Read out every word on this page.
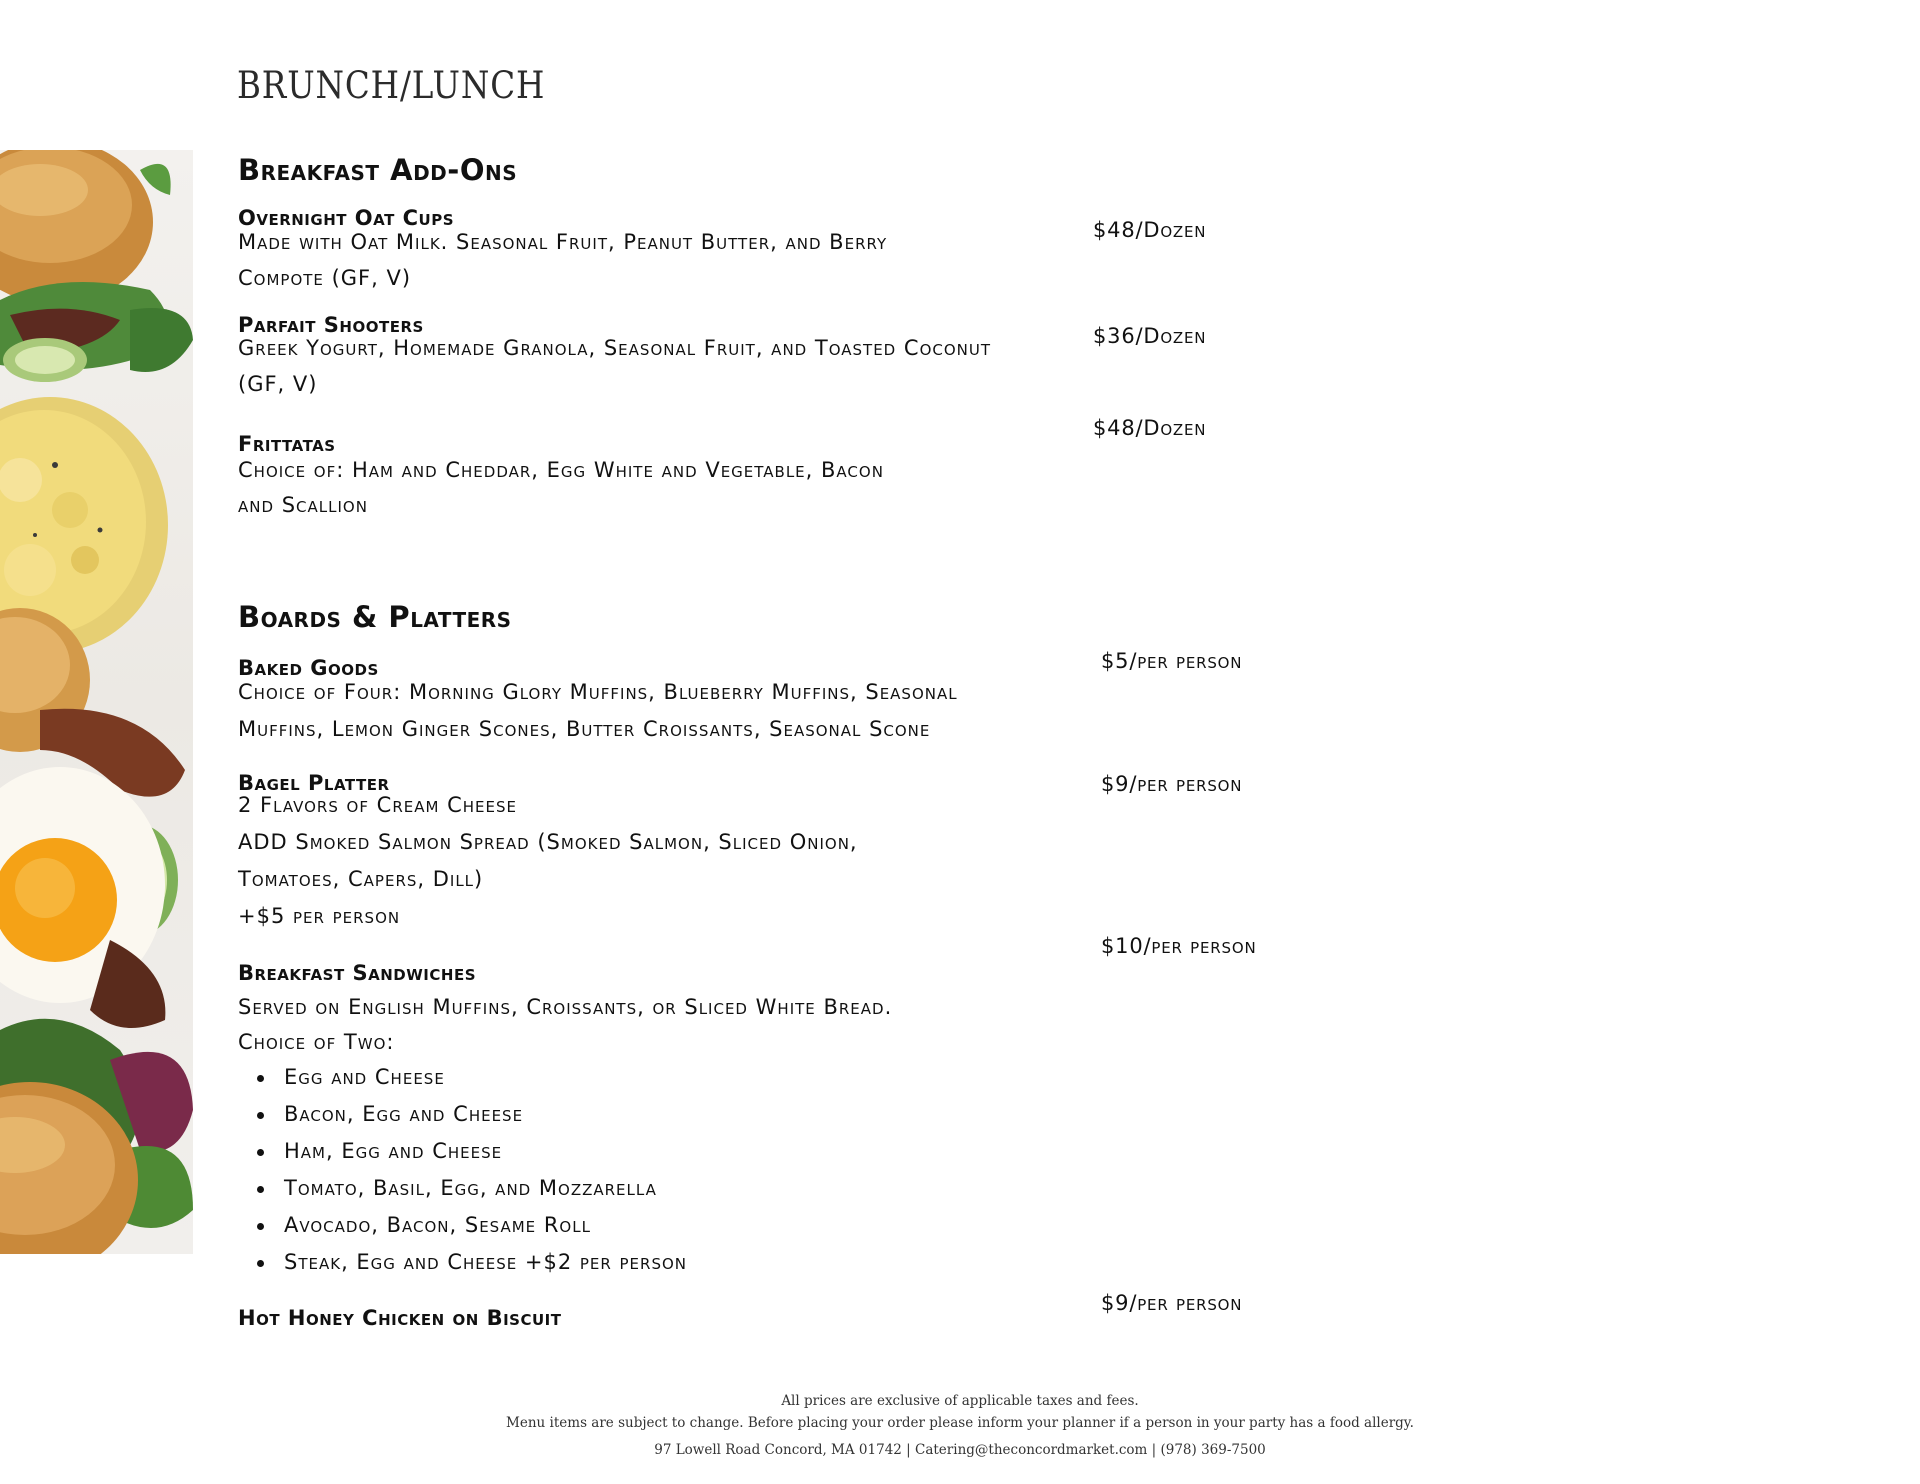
BRUNCH/LUNCH
Breakfast Add-Ons

Overnight Oat Cups

Made with Oat Milk. Seasonal Fruit, Peanut Butter, and Berry

Compote (GF, V)

$48/Dozen

Parfait Shooters

Greek Yogurt, Homemade Granola, Seasonal Fruit, and Toasted Coconut

(GF, V)

$36/Dozen

Frittatas

Choice of: Ham and Cheddar, Egg White and Vegetable, Bacon

and Scallion

$48/Dozen

Boards & Platters

Baked Goods

Choice of Four: Morning Glory Muffins, Blueberry Muffins, Seasonal

Muffins, Lemon Ginger Scones, Butter Croissants, Seasonal Scone

$5/per person

Bagel Platter

2 Flavors of Cream Cheese

ADD Smoked Salmon Spread (Smoked Salmon, Sliced Onion,

Tomatoes, Capers, Dill)

+$5 per person

$9/per person

Breakfast Sandwiches

Served on English Muffins, Croissants, or Sliced White Bread.

Choice of Two:

Egg and Cheese
Bacon, Egg and Cheese
Ham, Egg and Cheese
Tomato, Basil, Egg, and Mozzarella
Avocado, Bacon, Sesame Roll
Steak, Egg and Cheese +$2 per person

$10/per person

Hot Honey Chicken on Biscuit

$9/per person

All prices are exclusive of applicable taxes and fees.

Menu items are subject to change. Before placing your order please inform your planner if a person in your party has a food allergy.

97 Lowell Road Concord, MA 01742 | Catering@theconcordmarket.com | (978) 369-7500
